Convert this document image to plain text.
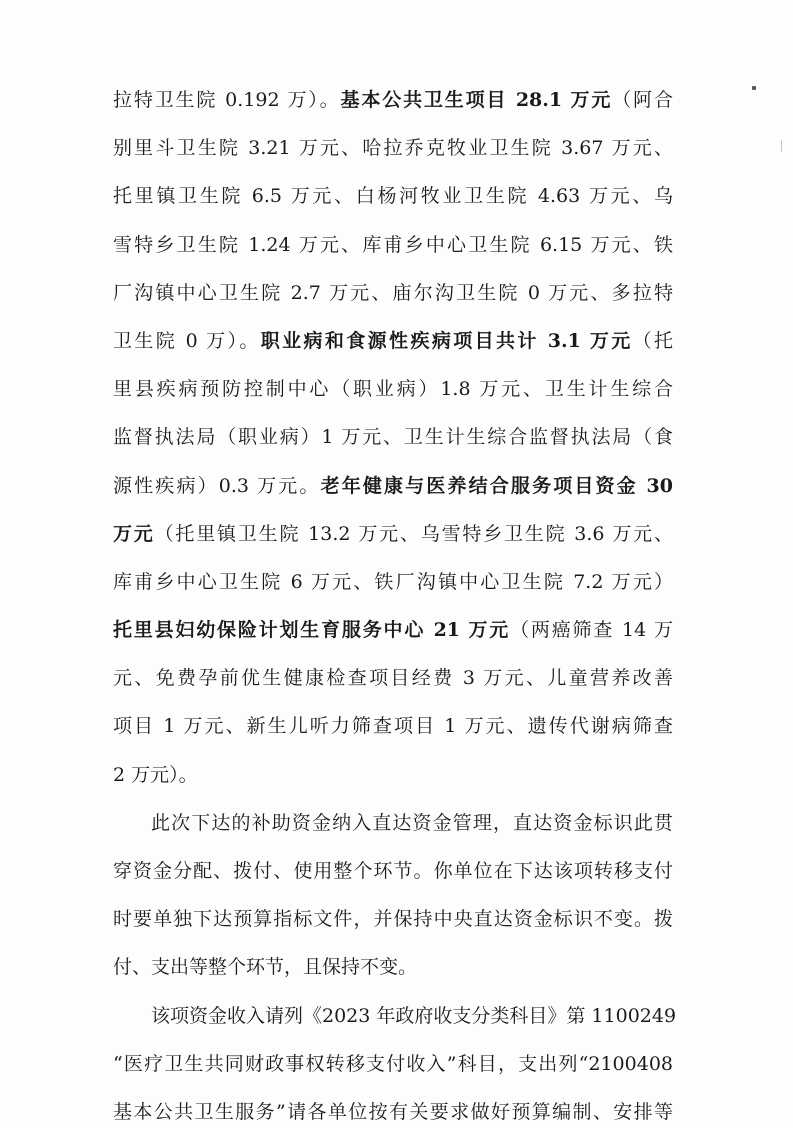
拉特卫生院 0.192 万）。基本公共卫生项目 28.1 万元（阿合
别里斗卫生院 3.21 万元、哈拉乔克牧业卫生院 3.67 万元、
托里镇卫生院 6.5 万元、白杨河牧业卫生院 4.63 万元、乌
雪特乡卫生院 1.24 万元、库甫乡中心卫生院 6.15 万元、铁
厂沟镇中心卫生院 2.7 万元、庙尔沟卫生院 0 万元、多拉特
卫生院 0 万）。职业病和食源性疾病项目共计 3.1 万元（托
里县疾病预防控制中心（职业病）1.8 万元、卫生计生综合
监督执法局（职业病）1 万元、卫生计生综合监督执法局（食
源性疾病）0.3 万元。老年健康与医养结合服务项目资金 30
万元（托里镇卫生院 13.2 万元、乌雪特乡卫生院 3.6 万元、
库甫乡中心卫生院 6 万元、铁厂沟镇中心卫生院 7.2 万元）
托里县妇幼保险计划生育服务中心 21 万元（两癌筛查 14 万
元、免费孕前优生健康检查项目经费 3 万元、儿童营养改善
项目 1 万元、新生儿听力筛查项目 1 万元、遗传代谢病筛查
2 万元）。
此次下达的补助资金纳入直达资金管理，直达资金标识此贯
穿资金分配、拨付、使用整个环节。你单位在下达该项转移支付
时要单独下达预算指标文件，并保持中央直达资金标识不变。拨
付、支出等整个环节，且保持不变。
该项资金收入请列《2023 年政府收支分类科目》第 1100249
“医疗卫生共同财政事权转移支付收入”科目，支出列“2100408
基本公共卫生服务”请各单位按有关要求做好预算编制、安排等
